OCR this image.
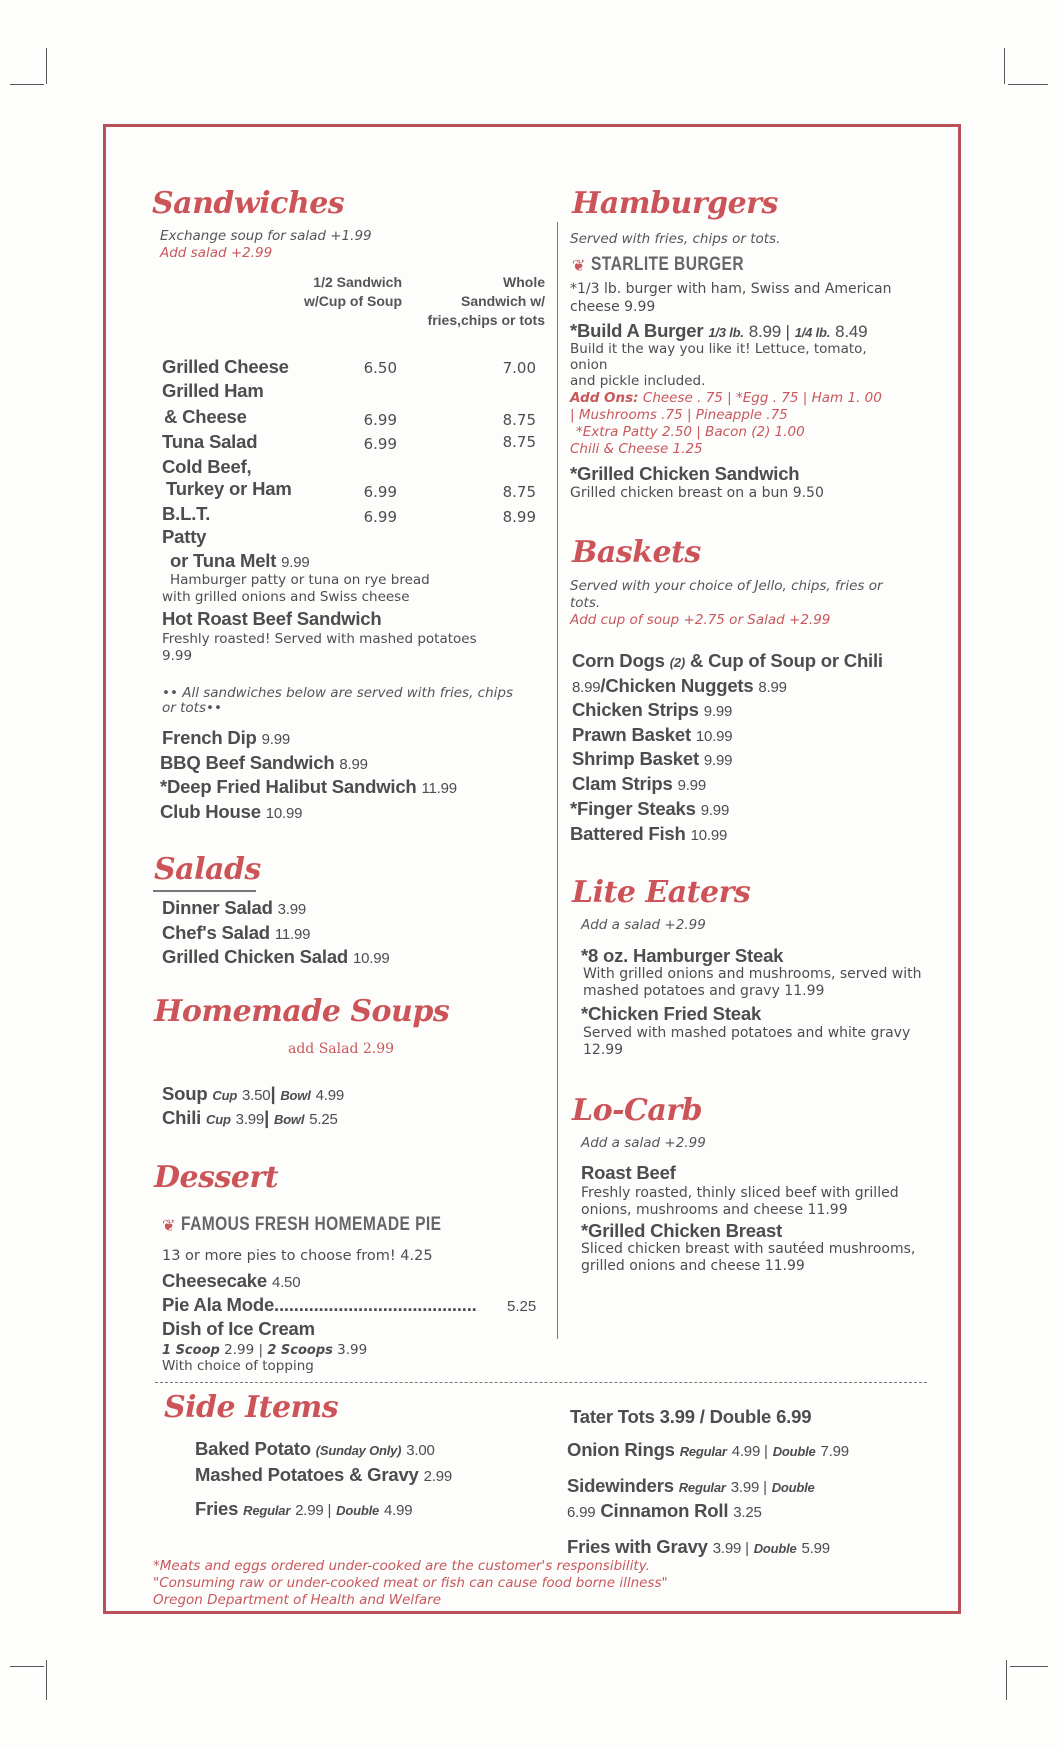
Sandwiches
Exchange soup for salad +1.99
Add salad +2.99
1/2 Sandwich
w/Cup of Soup
Whole
Sandwich w/
fries,chips or tots
Grilled Cheese	6.50	7.00
Grilled Ham
& Cheese	6.99	8.75
Tuna Salad	6.99	8.75
Cold Beef,
Turkey or Ham	6.99	8.75
B.L.T.	6.99	8.99
Patty
or Tuna Melt 9.99
Hamburger patty or tuna on rye bread
with grilled onions and Swiss cheese
Hot Roast Beef Sandwich
Freshly roasted! Served with mashed potatoes
9.99
•• All sandwiches below are served with fries, chips
or tots••
French Dip 9.99
BBQ Beef Sandwich 8.99
*Deep Fried Halibut Sandwich 11.99
Club House 10.99
Salads
Dinner Salad 3.99
Chef's Salad 11.99
Grilled Chicken Salad 10.99
Homemade Soups
add Salad 2.99
Soup Cup 3.50| Bowl 4.99
Chili Cup 3.99| Bowl 5.25
Dessert
❦ FAMOUS FRESH HOMEMADE PIE
13 or more pies to choose from! 4.25
Cheesecake 4.50
Pie Ala Mode......................................... 5.25
Dish of Ice Cream
1 Scoop 2.99 | 2 Scoops 3.99
With choice of topping
Hamburgers
Served with fries, chips or tots.
❦ STARLITE BURGER
*1/3 lb. burger with ham, Swiss and American
cheese 9.99
*Build A Burger 1/3 lb. 8.99 | 1/4 lb. 8.49
Build it the way you like it! Lettuce, tomato,
onion
and pickle included.
Add Ons: Cheese . 75 | *Egg . 75 | Ham 1. 00
| Mushrooms .75 | Pineapple .75
*Extra Patty 2.50 | Bacon (2) 1.00
Chili & Cheese 1.25
*Grilled Chicken Sandwich
Grilled chicken breast on a bun 9.50
Baskets
Served with your choice of Jello, chips, fries or
tots.
Add cup of soup +2.75 or Salad +2.99
Corn Dogs (2) & Cup of Soup or Chili
8.99/Chicken Nuggets 8.99
Chicken Strips 9.99
Prawn Basket 10.99
Shrimp Basket 9.99
Clam Strips 9.99
*Finger Steaks 9.99
Battered Fish 10.99
Lite Eaters
Add a salad +2.99
*8 oz. Hamburger Steak
With grilled onions and mushrooms, served with
mashed potatoes and gravy 11.99
*Chicken Fried Steak
Served with mashed potatoes and white gravy
12.99
Lo-Carb
Add a salad +2.99
Roast Beef
Freshly roasted, thinly sliced beef with grilled
onions, mushrooms and cheese 11.99
*Grilled Chicken Breast
Sliced chicken breast with sautéed mushrooms,
grilled onions and cheese 11.99
Side Items
Baked Potato (Sunday Only) 3.00
Mashed Potatoes & Gravy 2.99
Fries Regular 2.99 | Double 4.99
Tater Tots 3.99 / Double 6.99
Onion Rings Regular 4.99 | Double 7.99
Sidewinders Regular 3.99 | Double
6.99 Cinnamon Roll 3.25
Fries with Gravy 3.99 | Double 5.99
*Meats and eggs ordered under-cooked are the customer's responsibility.
"Consuming raw or under-cooked meat or fish can cause food borne illness"
Oregon Department of Health and Welfare
